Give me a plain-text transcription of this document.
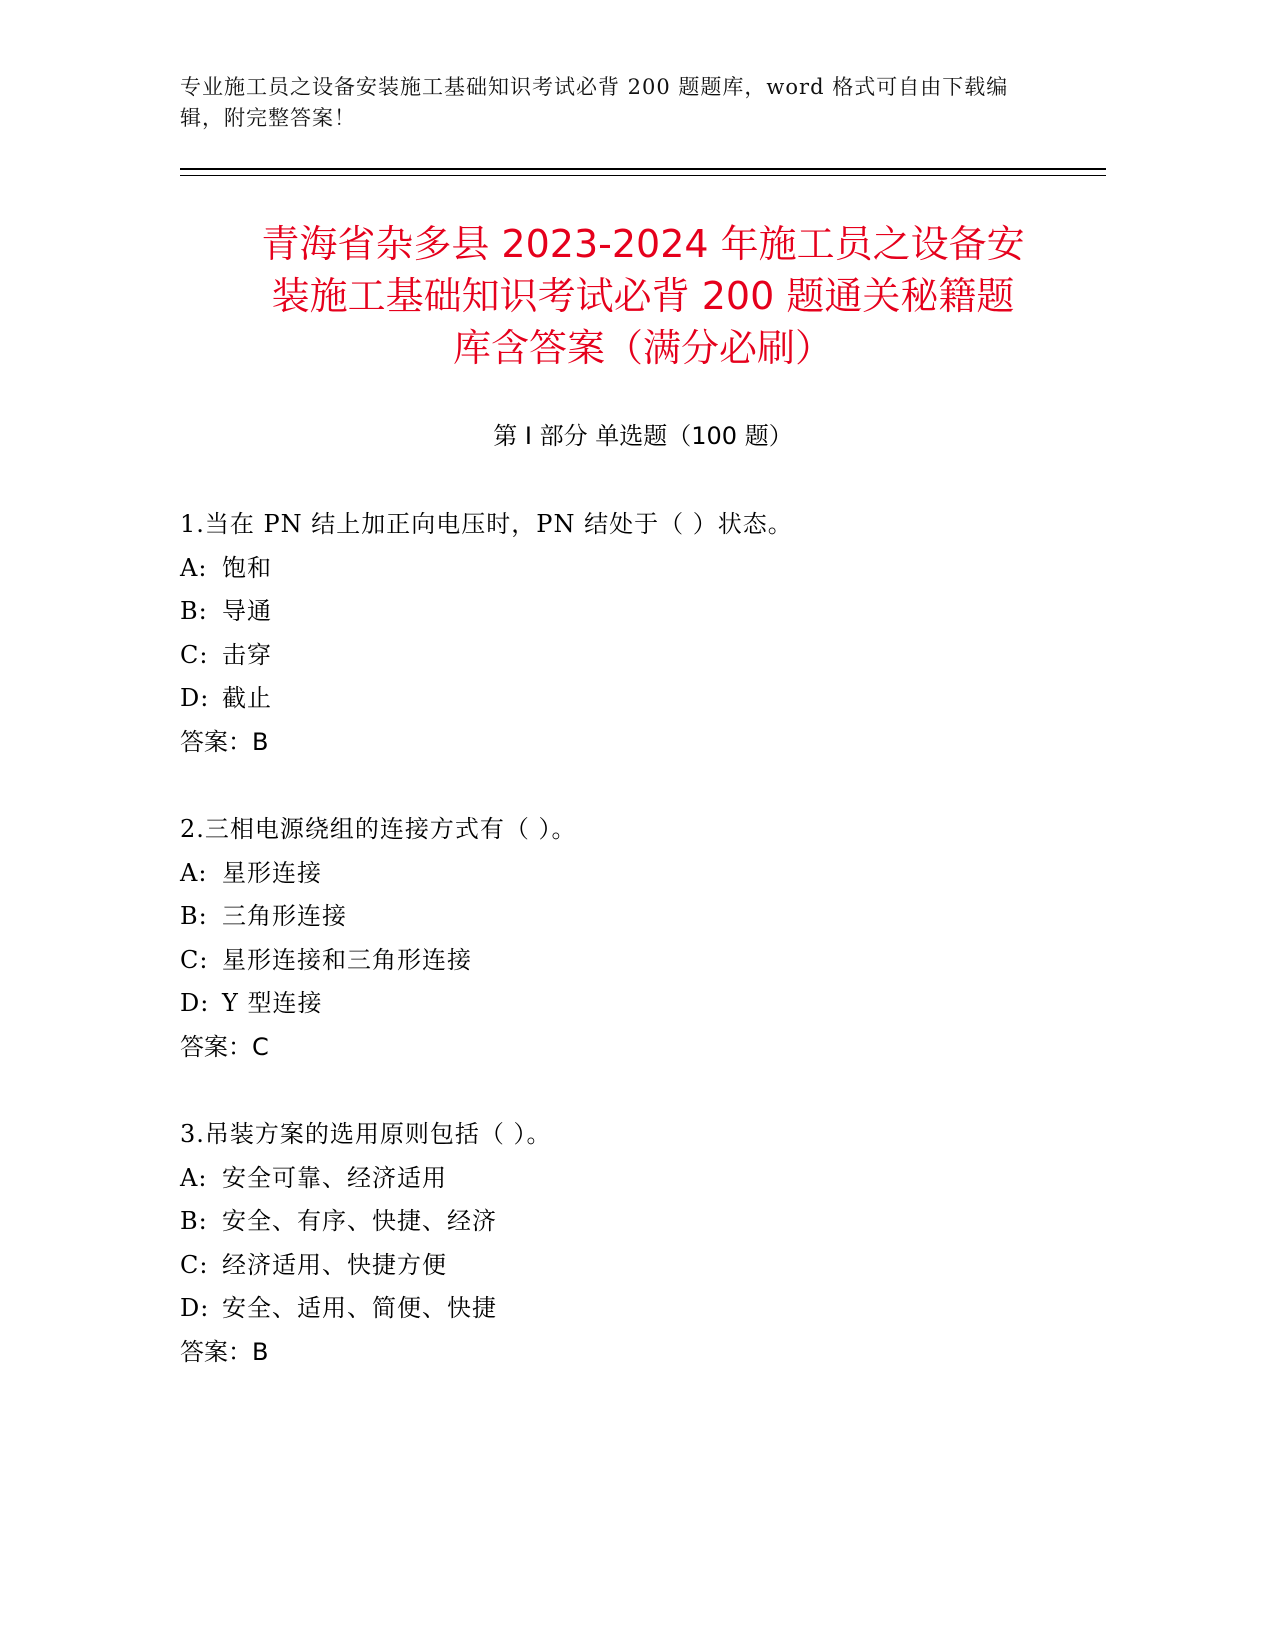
专业施工员之设备安装施工基础知识考试必背 200 题题库，word 格式可自由下载编辑，附完整答案！
青海省杂多县 2023-2024 年施工员之设备安
装施工基础知识考试必背 200 题通关秘籍题
库含答案（满分必刷）
第 I 部分 单选题（100 题）
1.当在 PN 结上加正向电压时，PN 结处于（ ）状态。
A: 饱和
B: 导通
C: 击穿
D: 截止
答案：B
2.三相电源绕组的连接方式有（ ）。
A: 星形连接
B: 三角形连接
C: 星形连接和三角形连接
D: Y 型连接
答案：C
3.吊装方案的选用原则包括（ ）。
A: 安全可靠、经济适用
B: 安全、有序、快捷、经济
C: 经济适用、快捷方便
D: 安全、适用、简便、快捷
答案：B
